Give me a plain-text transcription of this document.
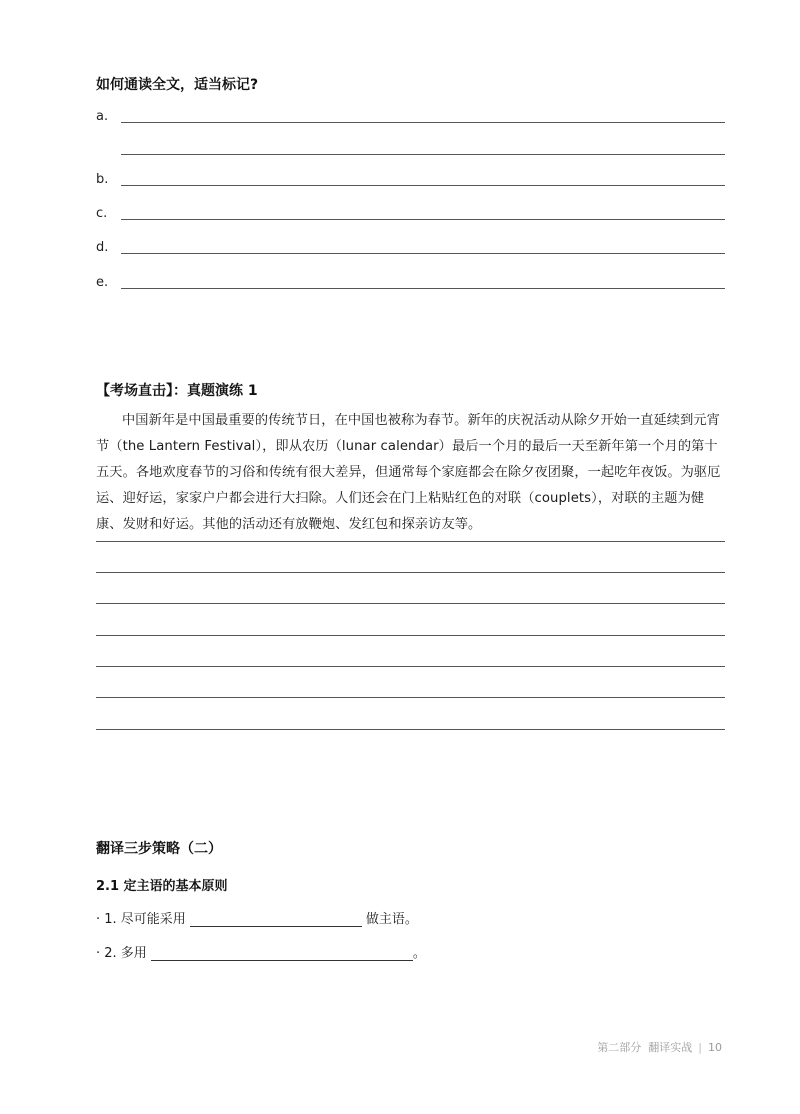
如何通读全文，适当标记?
a.
b.
c.
d.
e.
【考场直击】：真题演练 1
中国新年是中国最重要的传统节日，在中国也被称为春节。新年的庆祝活动从除夕开始一直延续到元宵节（the Lantern Festival），即从农历（lunar calendar）最后一个月的最后一天至新年第一个月的第十五天。各地欢度春节的习俗和传统有很大差异，但通常每个家庭都会在除夕夜团聚，一起吃年夜饭。为驱厄运、迎好运，家家户户都会进行大扫除。人们还会在门上粘贴红色的对联（couplets），对联的主题为健康、发财和好运。其他的活动还有放鞭炮、发红包和探亲访友等。
翻译三步策略（二）
2.1 定主语的基本原则
· 1. 尽可能采用	做主语。
· 2. 多用	。
第二部分 翻译实战 | 10
